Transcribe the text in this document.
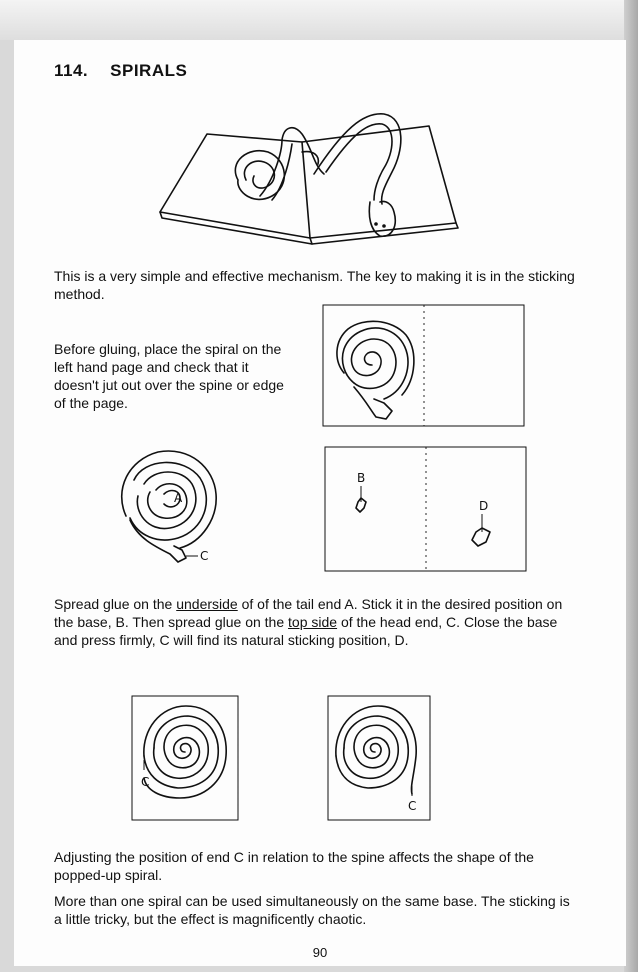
114. SPIRALS
This is a very simple and effective mechanism. The key to making it is in the sticking method.
Before gluing, place the spiral on the left hand page and check that it doesn't jut out over the spine or edge of the page.
A
C
B
D
Spread glue on the underside of of the tail end A. Stick it in the desired position on the base, B. Then spread glue on the top side of the head end, C. Close the base and press firmly, C will find its natural sticking position, D.
C
C
Adjusting the position of end C in relation to the spine affects the shape of the popped-up spiral.
More than one spiral can be used simultaneously on the same base. The sticking is a little tricky, but the effect is magnificently chaotic.
90
